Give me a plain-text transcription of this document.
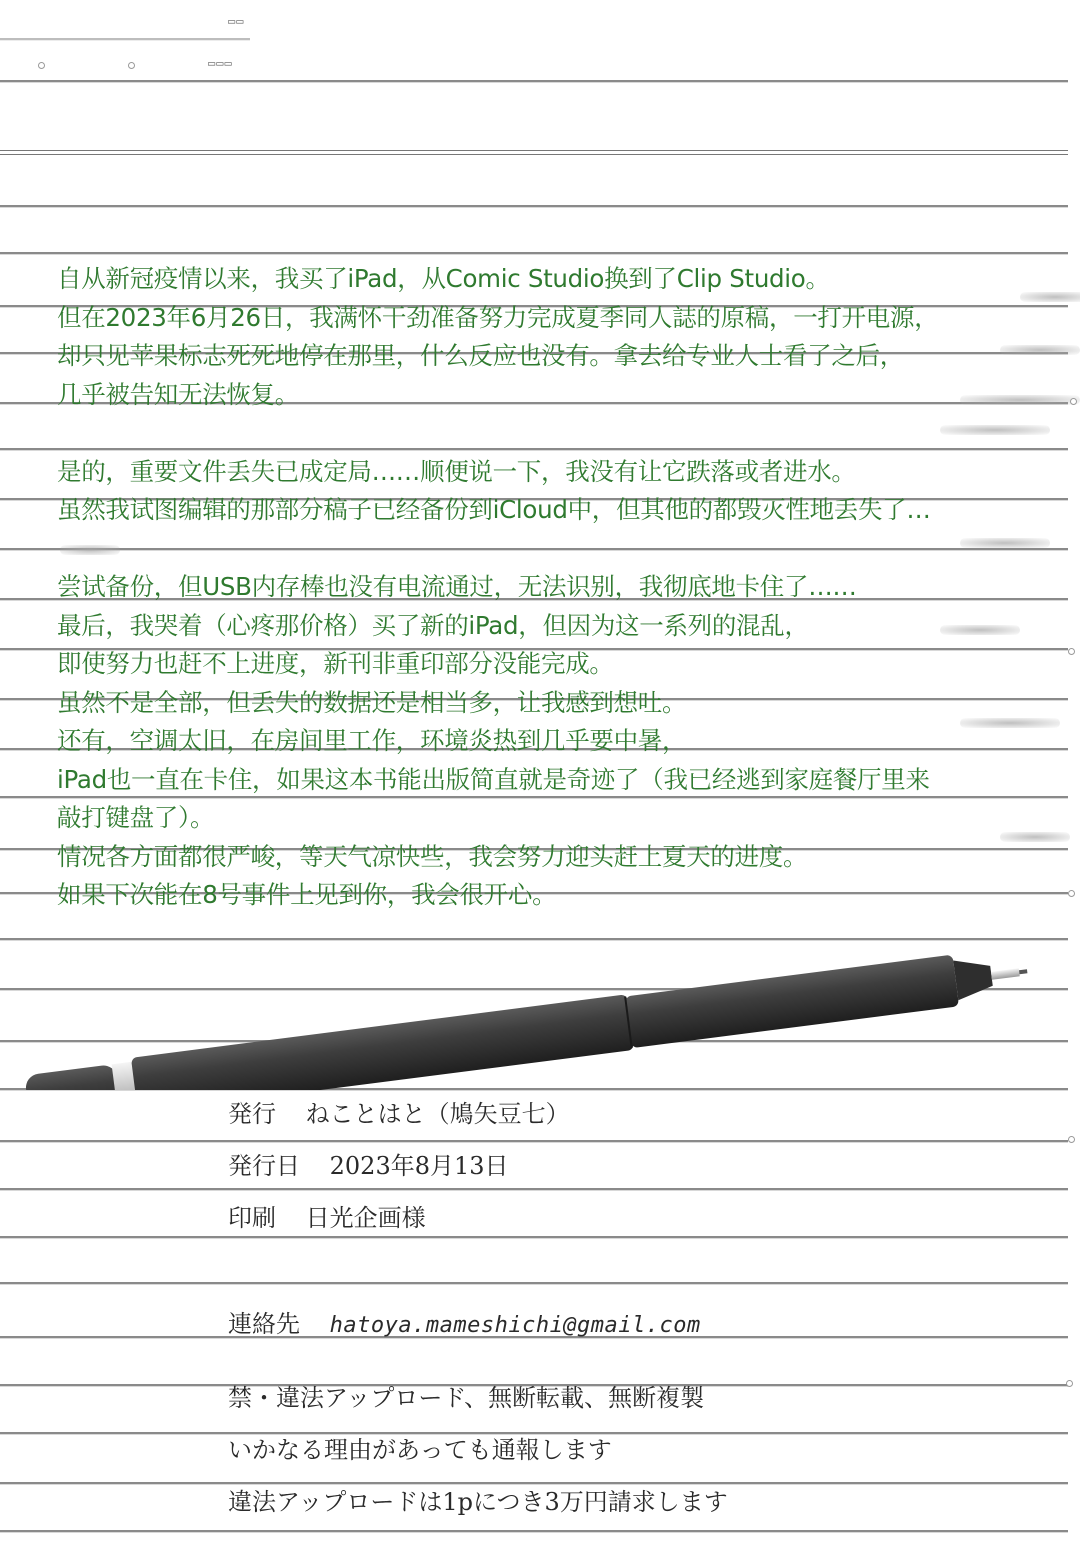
▭▭
▭▭▭
自从新冠疫情以来，我买了iPad，从Comic Studio换到了Clip Studio。
但在2023年6月26日，我满怀干劲准备努力完成夏季同人誌的原稿，一打开电源，
却只见苹果标志死死地停在那里，什么反应也没有。拿去给专业人士看了之后，
几乎被告知无法恢复。
是的，重要文件丢失已成定局……顺便说一下，我没有让它跌落或者进水。
虽然我试图编辑的那部分稿子已经备份到iCloud中，但其他的都毁灭性地丢失了…
尝试备份，但USB内存棒也没有电流通过，无法识别，我彻底地卡住了……
最后，我哭着（心疼那价格）买了新的iPad，但因为这一系列的混乱，
即使努力也赶不上进度，新刊非重印部分没能完成。
虽然不是全部，但丢失的数据还是相当多，让我感到想吐。
还有，空调太旧，在房间里工作，环境炎热到几乎要中暑，
iPad也一直在卡住，如果这本书能出版简直就是奇迹了（我已经逃到家庭餐厅里来
敲打键盘了）。
情况各方面都很严峻，等天气凉快些，我会努力迎头赶上夏天的进度。
如果下次能在8号事件上见到你，我会很开心。
発行 ねことはと（鳩矢豆七）
発行日 2023年8月13日
印刷 日光企画様
連絡先 hatoya.mameshichi@gmail.com
禁・違法アップロード、無断転載、無断複製
いかなる理由があっても通報します
違法アップロードは1pにつき3万円請求します
